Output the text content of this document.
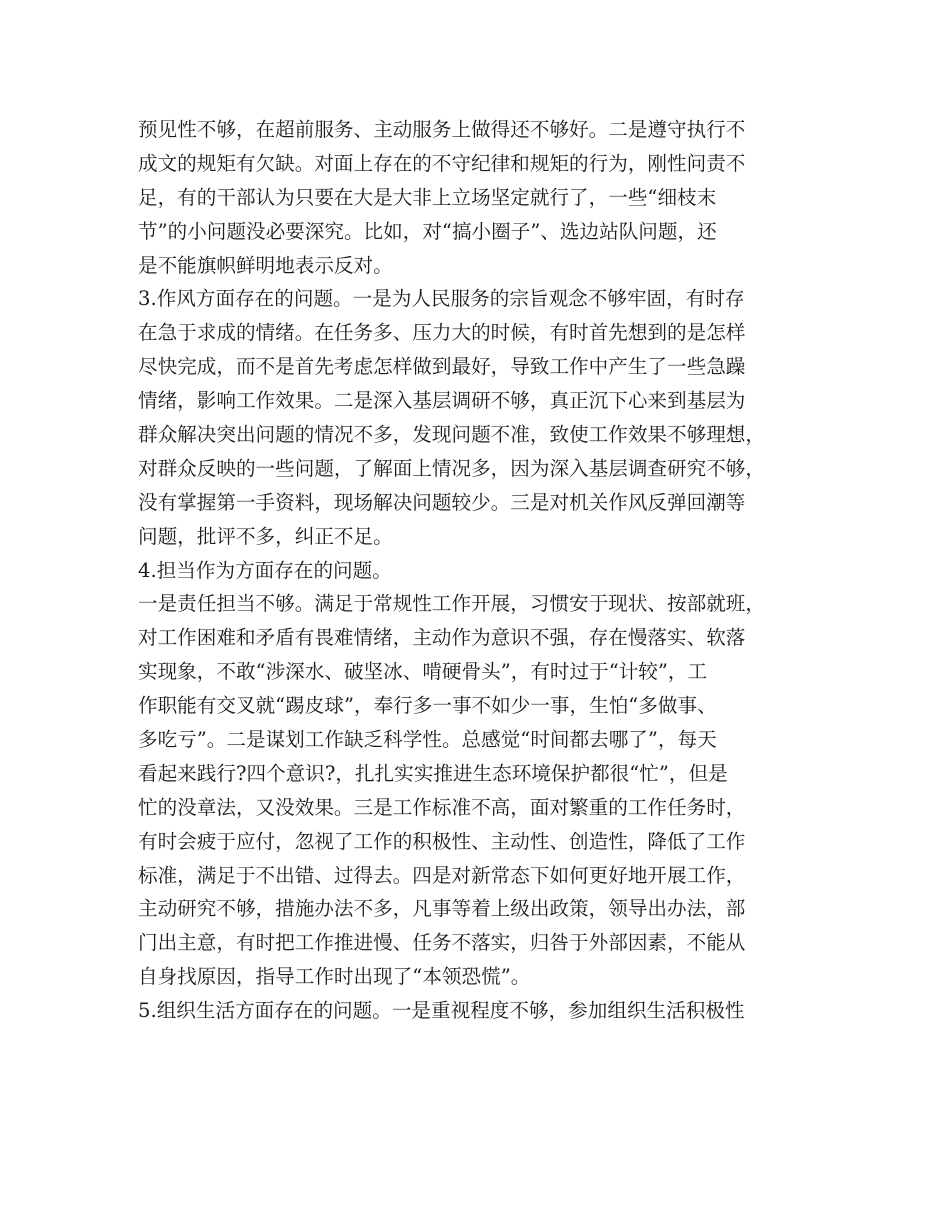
预见性不够，在超前服务、主动服务上做得还不够好。二是遵守执行不
成文的规矩有欠缺。对面上存在的不守纪律和规矩的行为，刚性问责不
足，有的干部认为只要在大是大非上立场坚定就行了，一些“细枝末
节”的小问题没必要深究。比如，对“搞小圈子”、选边站队问题，还
是不能旗帜鲜明地表示反对。
3.作风方面存在的问题。一是为人民服务的宗旨观念不够牢固，有时存
在急于求成的情绪。在任务多、压力大的时候，有时首先想到的是怎样
尽快完成，而不是首先考虑怎样做到最好，导致工作中产生了一些急躁
情绪，影响工作效果。二是深入基层调研不够，真正沉下心来到基层为
群众解决突出问题的情况不多，发现问题不准，致使工作效果不够理想，
对群众反映的一些问题，了解面上情况多，因为深入基层调查研究不够，
没有掌握第一手资料，现场解决问题较少。三是对机关作风反弹回潮等
问题，批评不多，纠正不足。
4.担当作为方面存在的问题。
一是责任担当不够。满足于常规性工作开展，习惯安于现状、按部就班，
对工作困难和矛盾有畏难情绪，主动作为意识不强，存在慢落实、软落
实现象，不敢“涉深水、破坚冰、啃硬骨头”，有时过于“计较”，工
作职能有交叉就“踢皮球”，奉行多一事不如少一事，生怕“多做事、
多吃亏”。二是谋划工作缺乏科学性。总感觉“时间都去哪了”，每天
看起来践行?四个意识?，扎扎实实推进生态环境保护都很“忙”，但是
忙的没章法，又没效果。三是工作标准不高，面对繁重的工作任务时，
有时会疲于应付，忽视了工作的积极性、主动性、创造性，降低了工作
标准，满足于不出错、过得去。四是对新常态下如何更好地开展工作，
主动研究不够，措施办法不多，凡事等着上级出政策，领导出办法，部
门出主意，有时把工作推进慢、任务不落实，归咎于外部因素，不能从
自身找原因，指导工作时出现了“本领恐慌”。
5.组织生活方面存在的问题。一是重视程度不够，参加组织生活积极性
